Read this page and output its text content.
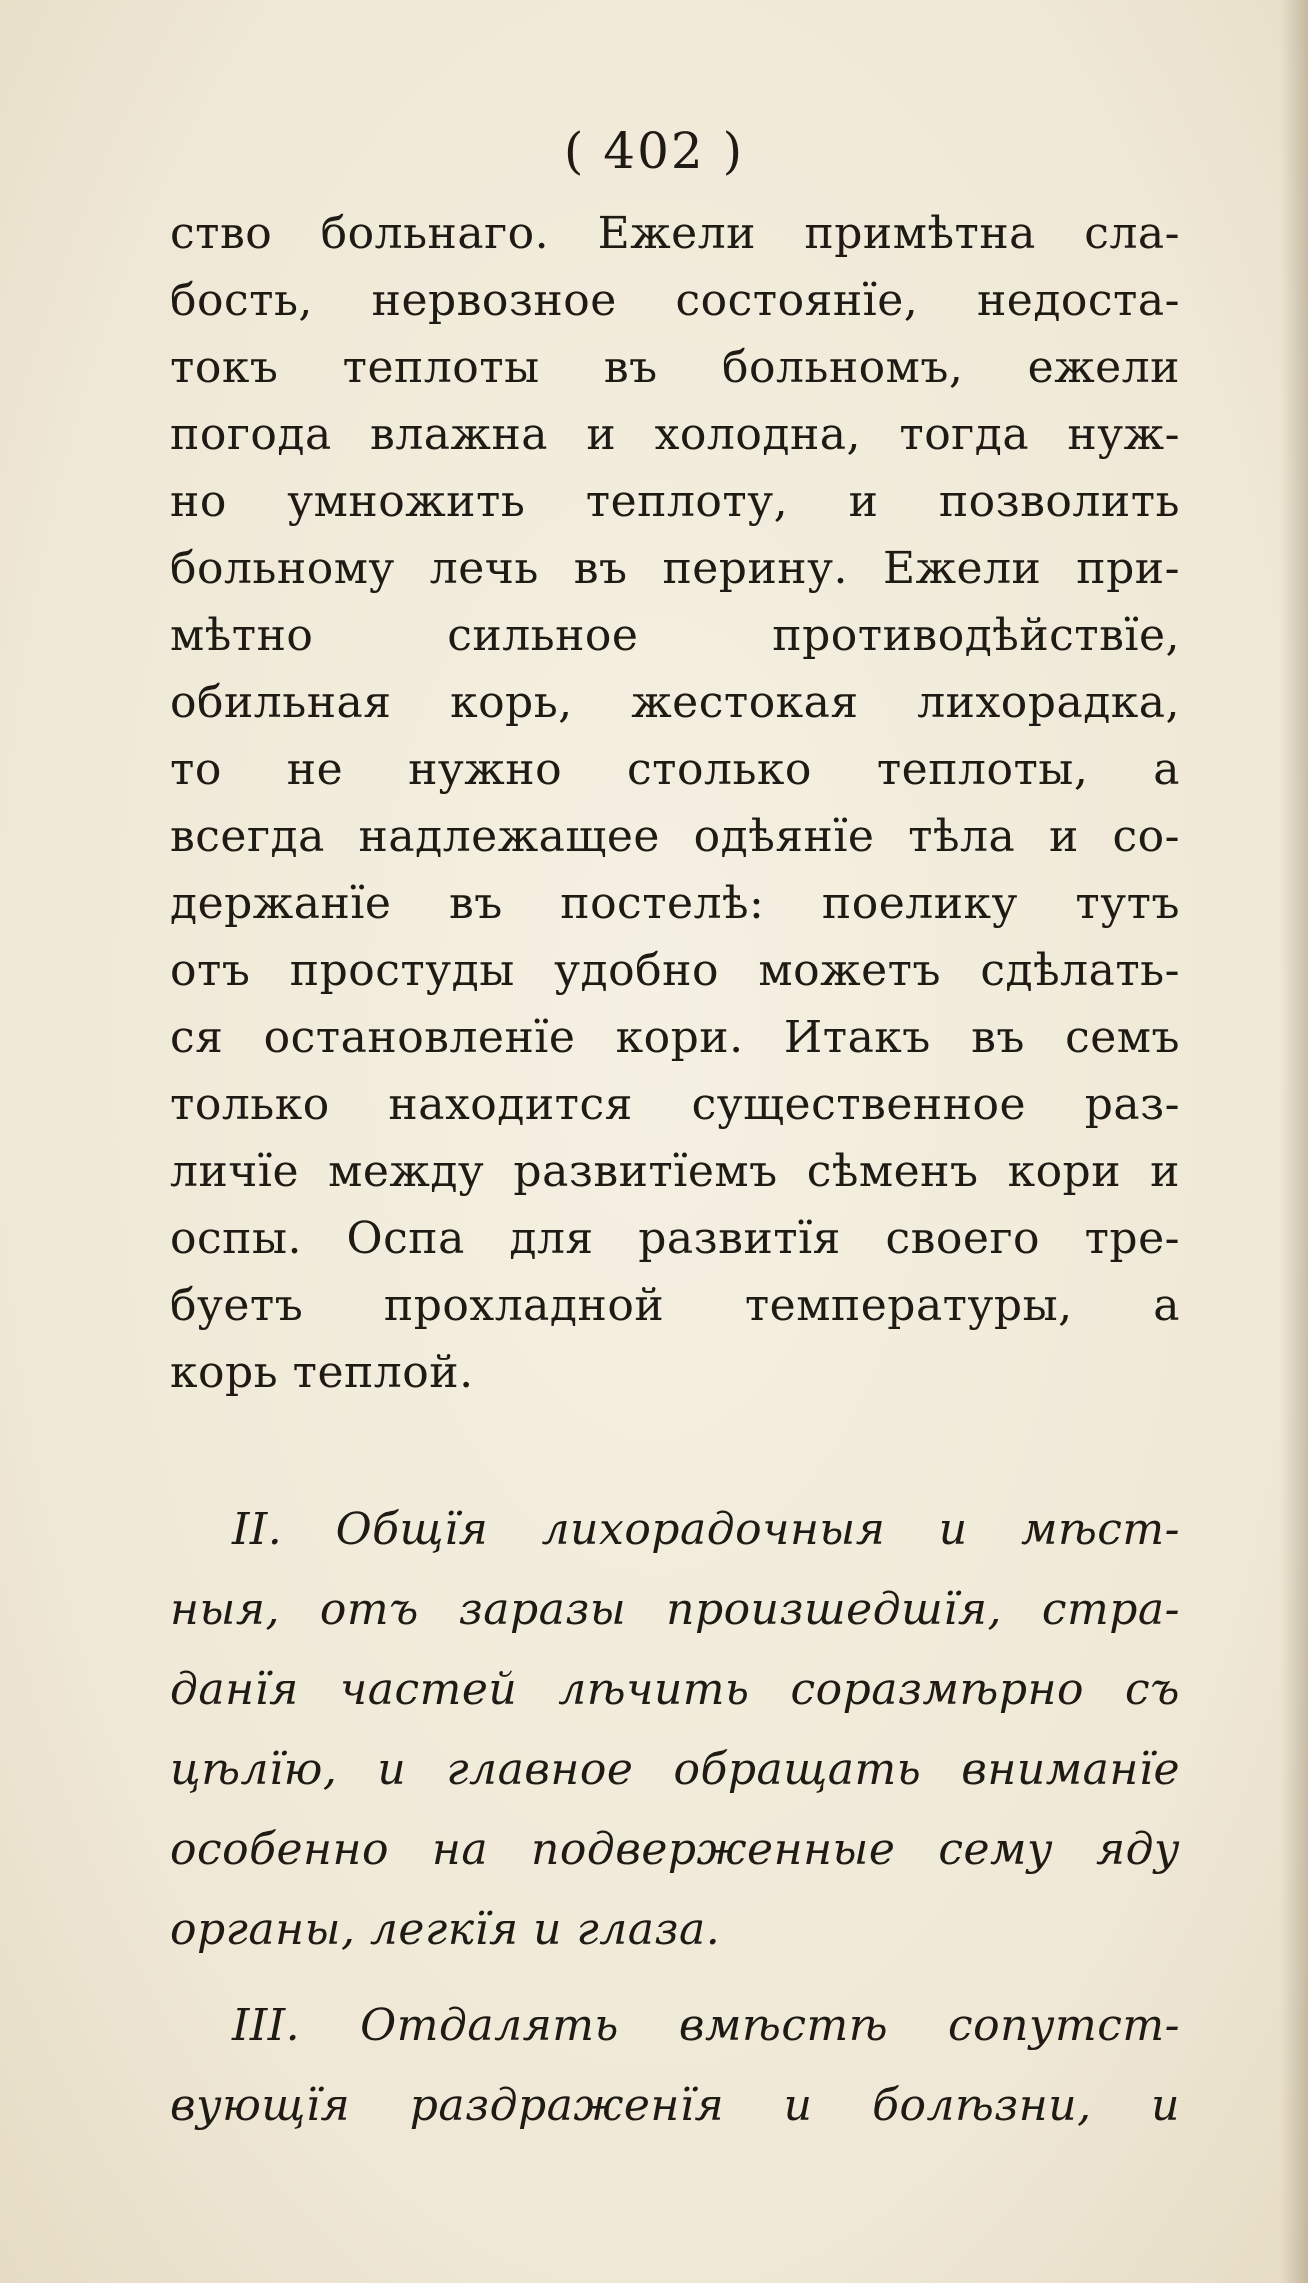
( 402 )
ство больнаго. Ежели примѣтна сла-
бость, нервозное состоянїе, недоста-
токъ теплоты въ больномъ, ежели
погода влажна и холодна, тогда нуж-
но умножить теплоту, и позволить
больному лечь въ перину. Ежели при-
мѣтно сильное противодѣйствїе,
обильная корь, жестокая лихорадка,
то не нужно столько теплоты, а
всегда надлежащее одѣянїе тѣла и со-
держанїе въ постелѣ: поелику тутъ
отъ простуды удобно можетъ сдѣлать-
ся остановленїе кори. Итакъ въ семъ
только находится существенное раз-
личїе между развитїемъ сѣменъ кори и
оспы. Оспа для развитїя своего тре-
буетъ прохладной температуры, а
корь теплой.
II. Общїя лихорадочныя и мѣст-
ныя, отъ заразы произшедшїя, стра-
данїя частей лѣчить соразмѣрно съ
цѣлїю, и главное обращать вниманїе
особенно на подверженные сему яду
органы, легкїя и глаза.
III. Отдалять вмѣстѣ сопутст-
вующїя раздраженїя и болѣзни, и
